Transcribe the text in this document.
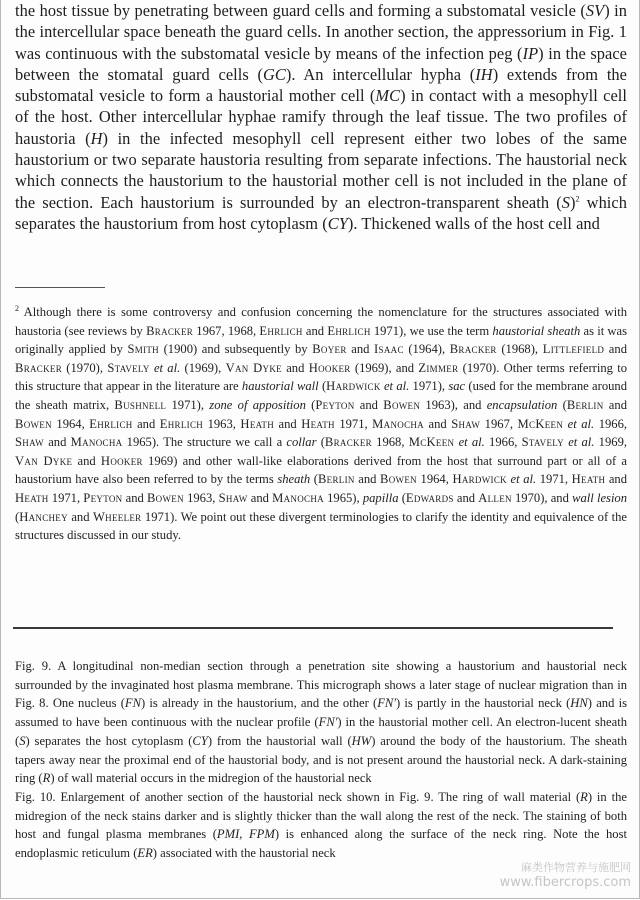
the host tissue by penetrating between guard cells and forming a substomatal vesicle (SV) in the intercellular space beneath the guard cells. In another section, the appressorium in Fig. 1 was continuous with the substomatal vesicle by means of the infection peg (IP) in the space between the stomatal guard cells (GC). An intercellular hypha (IH) extends from the substomatal vesicle to form a haustorial mother cell (MC) in contact with a mesophyll cell of the host. Other intercellular hyphae ramify through the leaf tissue. The two profiles of haustoria (H) in the infected mesophyll cell represent either two lobes of the same haustorium or two separate haustoria resulting from separate infections. The haustorial neck which connects the haustorium to the haustorial mother cell is not included in the plane of the section. Each haustorium is surrounded by an electron-transparent sheath $(S)^2$ which separates the haustorium from host cytoplasm (CY). Thickened walls of the host cell and

$^2$ Although there is some controversy and confusion concerning the nomenclature for the structures associated with haustoria (see reviews by Bracker 1967, 1968, Ehrlich and Ehrlich 1971), we use the term haustorial sheath as it was originally applied by Smith (1900) and subsequently by Boyer and Isaac (1964), Bracker (1968), Littlefield and Bracker (1970), Stavely et al. (1969), Van Dyke and Hooker (1969), and Zimmer (1970). Other terms referring to this structure that appear in the literature are haustorial wall (Hardwick et al. 1971), sac (used for the membrane around the sheath matrix, Bushnell 1971), zone of apposition (Peyton and Bowen 1963), and encapsulation (Berlin and Bowen 1964, Ehrlich and Ehrlich 1963, Heath and Heath 1971, Manocha and Shaw 1967, McKeen et al. 1966, Shaw and Manocha 1965). The structure we call a collar (Bracker 1968, McKeen et al. 1966, Stavely et al. 1969, Van Dyke and Hooker 1969) and other wall-like elaborations derived from the host that surround part or all of a haustorium have also been referred to by the terms sheath (Berlin and Bowen 1964, Hardwick et al. 1971, Heath and Heath 1971, Peyton and Bowen 1963, Shaw and Manocha 1965), papilla (Edwards and Allen 1970), and wall lesion (Hanchey and Wheeler 1971). We point out these divergent terminologies to clarify the identity and equivalence of the structures discussed in our study.

Fig. 9. A longitudinal non-median section through a penetration site showing a haustorium and haustorial neck surrounded by the invaginated host plasma membrane. This micrograph shows a later stage of nuclear migration than in Fig. 8. One nucleus (FN) is already in the haustorium, and the other (FN') is partly in the haustorial neck (HN) and is assumed to have been continuous with the nuclear profile (FN') in the haustorial mother cell. An electron-lucent sheath (S) separates the host cytoplasm (CY) from the haustorial wall (HW) around the body of the haustorium. The sheath tapers away near the proximal end of the haustorial body, and is not present around the haustorial neck. A dark-staining ring (R) of wall material occurs in the midregion of the haustorial neck

Fig. 10. Enlargement of another section of the haustorial neck shown in Fig. 9. The ring of wall material (R) in the midregion of the neck stains darker and is slightly thicker than the wall along the rest of the neck. The staining of both host and fungal plasma membranes (PMI, FPM) is enhanced along the surface of the neck ring. Note the host endoplasmic reticulum (ER) associated with the haustorial neck

麻类作物营养与施肥网
www.fibercrops.com
